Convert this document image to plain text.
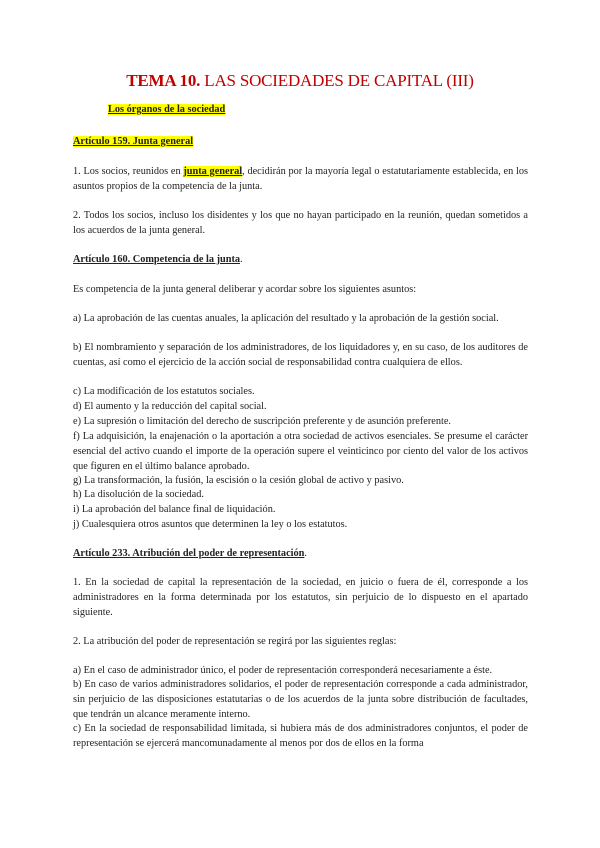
TEMA 10. LAS SOCIEDADES DE CAPITAL (III)
Los órganos de la sociedad
Artículo 159. Junta general
1. Los socios, reunidos en junta general, decidirán por la mayoría legal o estatutariamente establecida, en los asuntos propios de la competencia de la junta.
2. Todos los socios, incluso los disidentes y los que no hayan participado en la reunión, quedan sometidos a los acuerdos de la junta general.
Artículo 160. Competencia de la junta.
Es competencia de la junta general deliberar y acordar sobre los siguientes asuntos:
a) La aprobación de las cuentas anuales, la aplicación del resultado y la aprobación de la gestión social.
b) El nombramiento y separación de los administradores, de los liquidadores y, en su caso, de los auditores de cuentas, así como el ejercicio de la acción social de responsabilidad contra cualquiera de ellos.
c) La modificación de los estatutos sociales.
d) El aumento y la reducción del capital social.
e) La supresión o limitación del derecho de suscripción preferente y de asunción preferente.
f) La adquisición, la enajenación o la aportación a otra sociedad de activos esenciales. Se presume el carácter esencial del activo cuando el importe de la operación supere el veinticinco por ciento del valor de los activos que figuren en el último balance aprobado.
g) La transformación, la fusión, la escisión o la cesión global de activo y pasivo.
h) La disolución de la sociedad.
i) La aprobación del balance final de liquidación.
j) Cualesquiera otros asuntos que determinen la ley o los estatutos.
Artículo 233. Atribución del poder de representación.
1. En la sociedad de capital la representación de la sociedad, en juicio o fuera de él, corresponde a los administradores en la forma determinada por los estatutos, sin perjuicio de lo dispuesto en el apartado siguiente.
2. La atribución del poder de representación se regirá por las siguientes reglas:
a) En el caso de administrador único, el poder de representación corresponderá necesariamente a éste.
b) En caso de varios administradores solidarios, el poder de representación corresponde a cada administrador, sin perjuicio de las disposiciones estatutarias o de los acuerdos de la junta sobre distribución de facultades, que tendrán un alcance meramente interno.
c) En la sociedad de responsabilidad limitada, si hubiera más de dos administradores conjuntos, el poder de representación se ejercerá mancomunadamente al menos por dos de ellos en la forma
